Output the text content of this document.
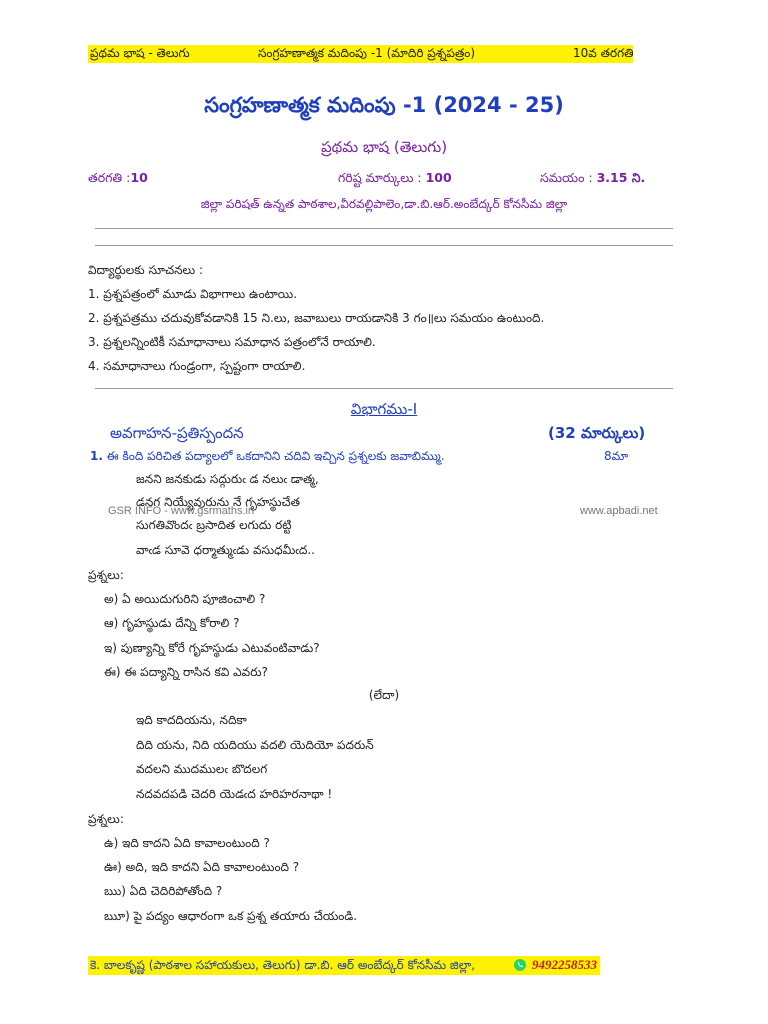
ప్రథమ భాష - తెలుగు	సంగ్రహణాత్మక మదింపు -1 (మాదిరి ప్రశ్నపత్రం)	10వ తరగతి
సంగ్రహణాత్మక మదింపు -1 (2024 - 25)
ప్రథమ భాష (తెలుగు)
తరగతి :10	గరిష్ట మార్కులు : 100	సమయం : 3.15 ని.
జిల్లా పరిషత్ ఉన్నత పాఠశాల,వీరవల్లిపాలెం,డా.బి.ఆర్.అంబేద్కర్ కోనసీమ జిల్లా
విద్యార్థులకు సూచనలు :
1. ప్రశ్నపత్రంలో మూడు విభాగాలు ఉంటాయి.
2. ప్రశ్నపత్రము చదువుకోవడానికి 15 ని.లు, జవాబులు రాయడానికి 3 గం॥లు సమయం ఉంటుంది.
3. ప్రశ్నలన్నింటికీ సమాధానాలు సమాధాన పత్రంలోనే రాయాలి.
4. సమాధానాలు గుండ్రంగా, స్పష్టంగా రాయాలి.
విభాగము-I
అవగాహన-ప్రతిస్పందన	(32 మార్కులు)
1. ఈ కింది పరిచిత పద్యాలలో ఒకదానిని చదివి ఇచ్చిన ప్రశ్నలకు జవాబిమ్ము.	8మా
జనని జనకుడు సద్గురుఁ డ నలుఁ డాత్మ,
డనగ నియ్యేవురును నే గృహస్థుచేత
GSR INFO - www.gsrmaths.in	www.apbadi.net
సుగతివొందఁ బ్రసాదిత లగుదు రట్టి
వాఁడ సూవె ధర్మాత్ముఁడు వసుధమీఁద..
ప్రశ్నలు:
అ) ఏ అయిదుగురిని పూజించాలి ?
ఆ) గృహస్థుడు దేన్ని కోరాలి ?
ఇ) పుణ్యాన్ని కోరే గృహస్థుడు ఎటువంటివాడు?
ఈ) ఈ పద్యాన్ని రాసిన కవి ఎవరు?
(లేదా)
ఇది కాదదియను, నదికా
దిది యను, నిది యదియు వదలి యెదియో పదరున్
వదలని ముదములఁ బొదలగ
నదవదపడి చెదరి యెడఁద హరిహరనాథా !
ప్రశ్నలు:
ఉ) ఇది కాదని ఏది కావాలంటుంది ?
ఊ) అది, ఇది కాదని ఏది కావాలంటుంది ?
ఋ) ఏది చెదిరిపోతోంది ?
ౠ) పై పద్యం ఆధారంగా ఒక ప్రశ్న తయారు చేయండి.
కె. బాలకృష్ణ (పాఠశాల సహాయకులు, తెలుగు) డా.బి. ఆర్ అంబేద్కర్ కోనసీమ జిల్లా,	9492258533
